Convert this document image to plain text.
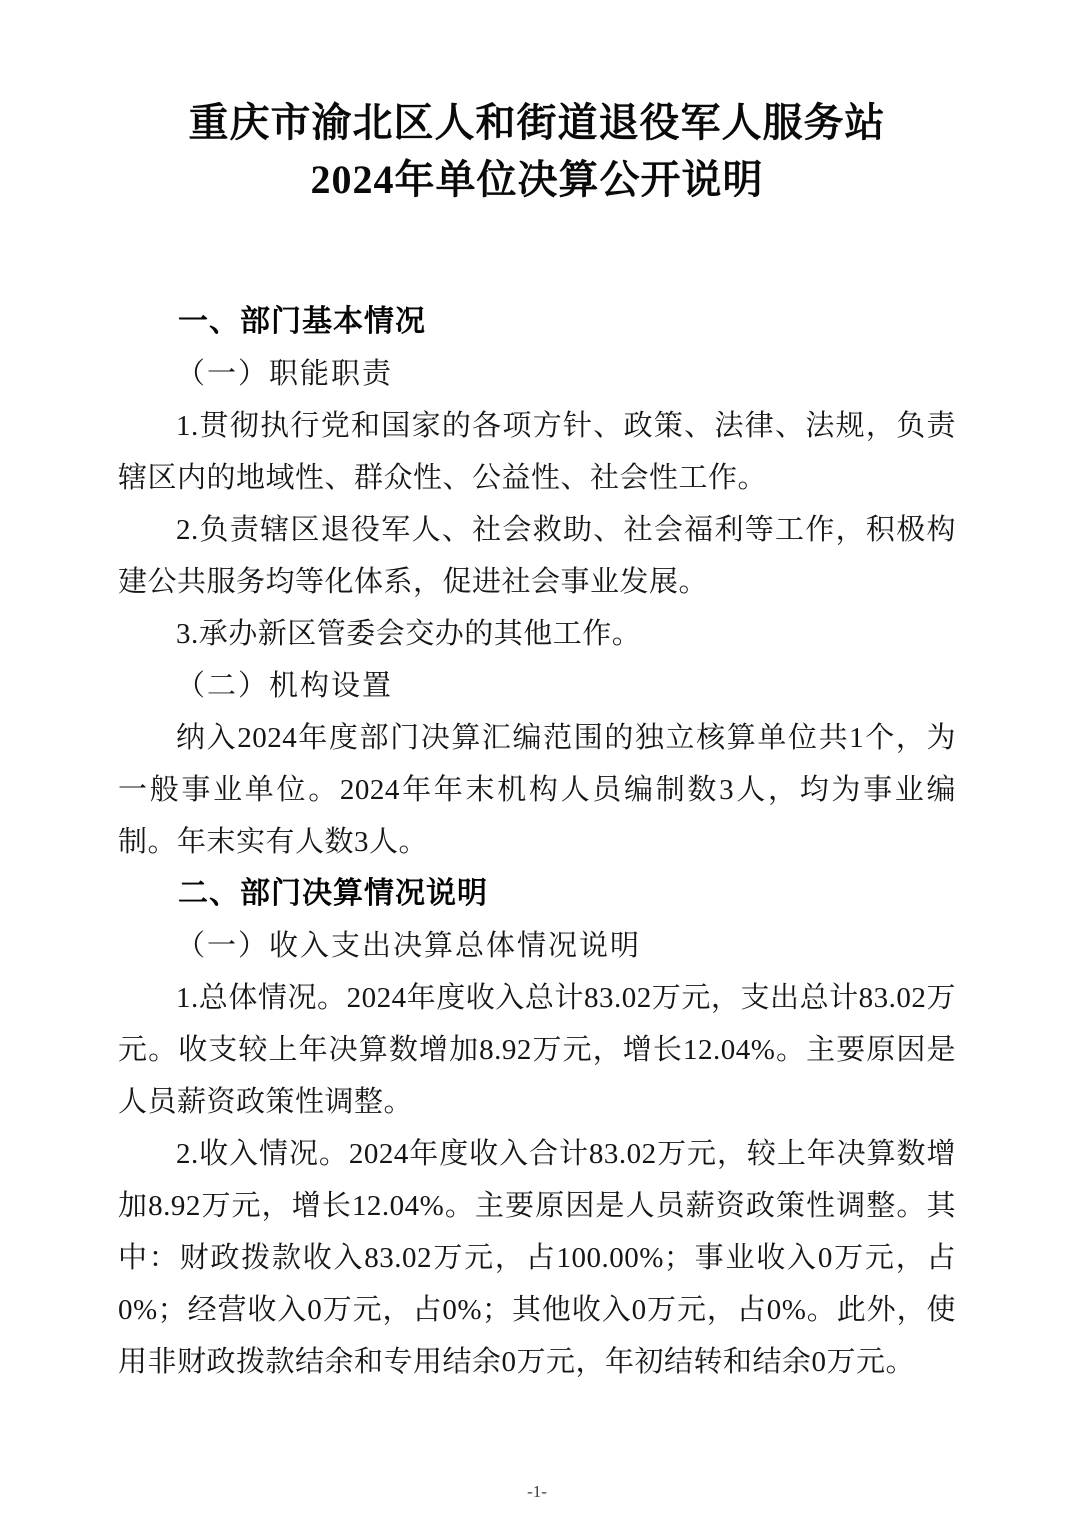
重庆市渝北区人和街道退役军人服务站
2024年单位决算公开说明

一、部门基本情况

（一）职能职责

1.贯彻执行党和国家的各项方针、政策、法律、法规，负责辖区内的地域性、群众性、公益性、社会性工作。

2.负责辖区退役军人、社会救助、社会福利等工作，积极构建公共服务均等化体系，促进社会事业发展。

3.承办新区管委会交办的其他工作。

（二）机构设置

纳入2024年度部门决算汇编范围的独立核算单位共1个，为一般事业单位。2024年年末机构人员编制数3人，均为事业编制。年末实有人数3人。

二、部门决算情况说明

（一）收入支出决算总体情况说明

1.总体情况。2024年度收入总计83.02万元，支出总计83.02万元。收支较上年决算数增加8.92万元，增长12.04%。主要原因是人员薪资政策性调整。

2.收入情况。2024年度收入合计83.02万元，较上年决算数增加8.92万元，增长12.04%。主要原因是人员薪资政策性调整。其中：财政拨款收入83.02万元，占100.00%；事业收入0万元，占0%；经营收入0万元，占0%；其他收入0万元，占0%。此外，使用非财政拨款结余和专用结余0万元，年初结转和结余0万元。

-1-
